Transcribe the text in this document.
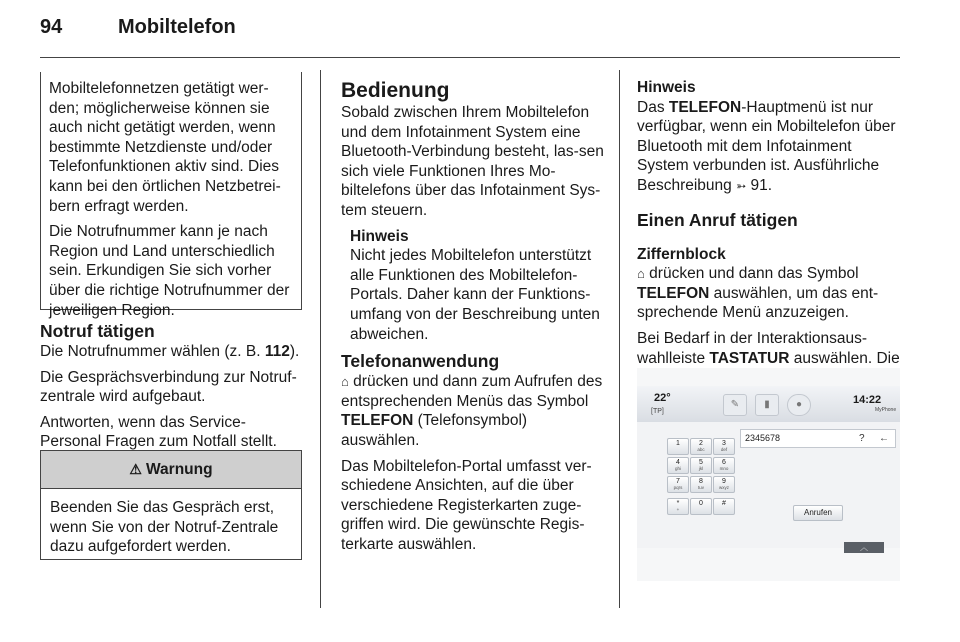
94	Mobiltelefon

Mobiltelefonnetzen getätigt wer-den; möglicherweise können sie auch nicht getätigt werden, wenn bestimmte Netzdienste und/oder Telefonfunktionen aktiv sind. Dies kann bei den örtlichen Netzbetrei-bern erfragt werden.

Die Notrufnummer kann je nach Region und Land unterschiedlich sein. Erkundigen Sie sich vorher über die richtige Notrufnummer der jeweiligen Region.

Notruf tätigen

Die Notrufnummer wählen (z. B. 112).

Die Gesprächsverbindung zur Notruf-zentrale wird aufgebaut.

Antworten, wenn das Service-Personal Fragen zum Notfall stellt.

⚠ Warnung
Beenden Sie das Gespräch erst, wenn Sie von der Notruf-Zentrale dazu aufgefordert werden.
Bedienung

Sobald zwischen Ihrem Mobiltelefon und dem Infotainment System eine Bluetooth-Verbindung besteht, las-sen sich viele Funktionen Ihres Mo-biltelefons über das Infotainment Sys-tem steuern.

Hinweis

Nicht jedes Mobiltelefon unterstützt alle Funktionen des Mobiltelefon-Portals. Daher kann der Funktions-umfang von der Beschreibung unten abweichen.

Telefonanwendung

⌂ drücken und dann zum Aufrufen des entsprechenden Menüs das Symbol TELEFON (Telefonsymbol) auswählen.

Das Mobiltelefon-Portal umfasst ver-schiedene Ansichten, auf die über verschiedene Registerkarten zuge-griffen wird. Die gewünschte Regis-terkarte auswählen.

Hinweis

Das TELEFON-Hauptmenü ist nur verfügbar, wenn ein Mobiltelefon über Bluetooth mit dem Infotainment System verbunden ist. Ausführliche Beschreibung ➳ 91.

Einen Anruf tätigen
Ziffernblock

⌂ drücken und dann das Symbol TELEFON auswählen, um das ent-sprechende Menü anzuzeigen.

Bei Bedarf in der Interaktionsaus-wahlleiste TASTATUR auswählen. Die

22°
[TP]
✎	▮	●	14:22
MyPhone
2345678	? ←
1	2
abc
3
def
4
ghi
5
jkl
6
mno
7
pqrs
8
tuv
9
wxyz
*
+
0	#
Anrufen
︿
